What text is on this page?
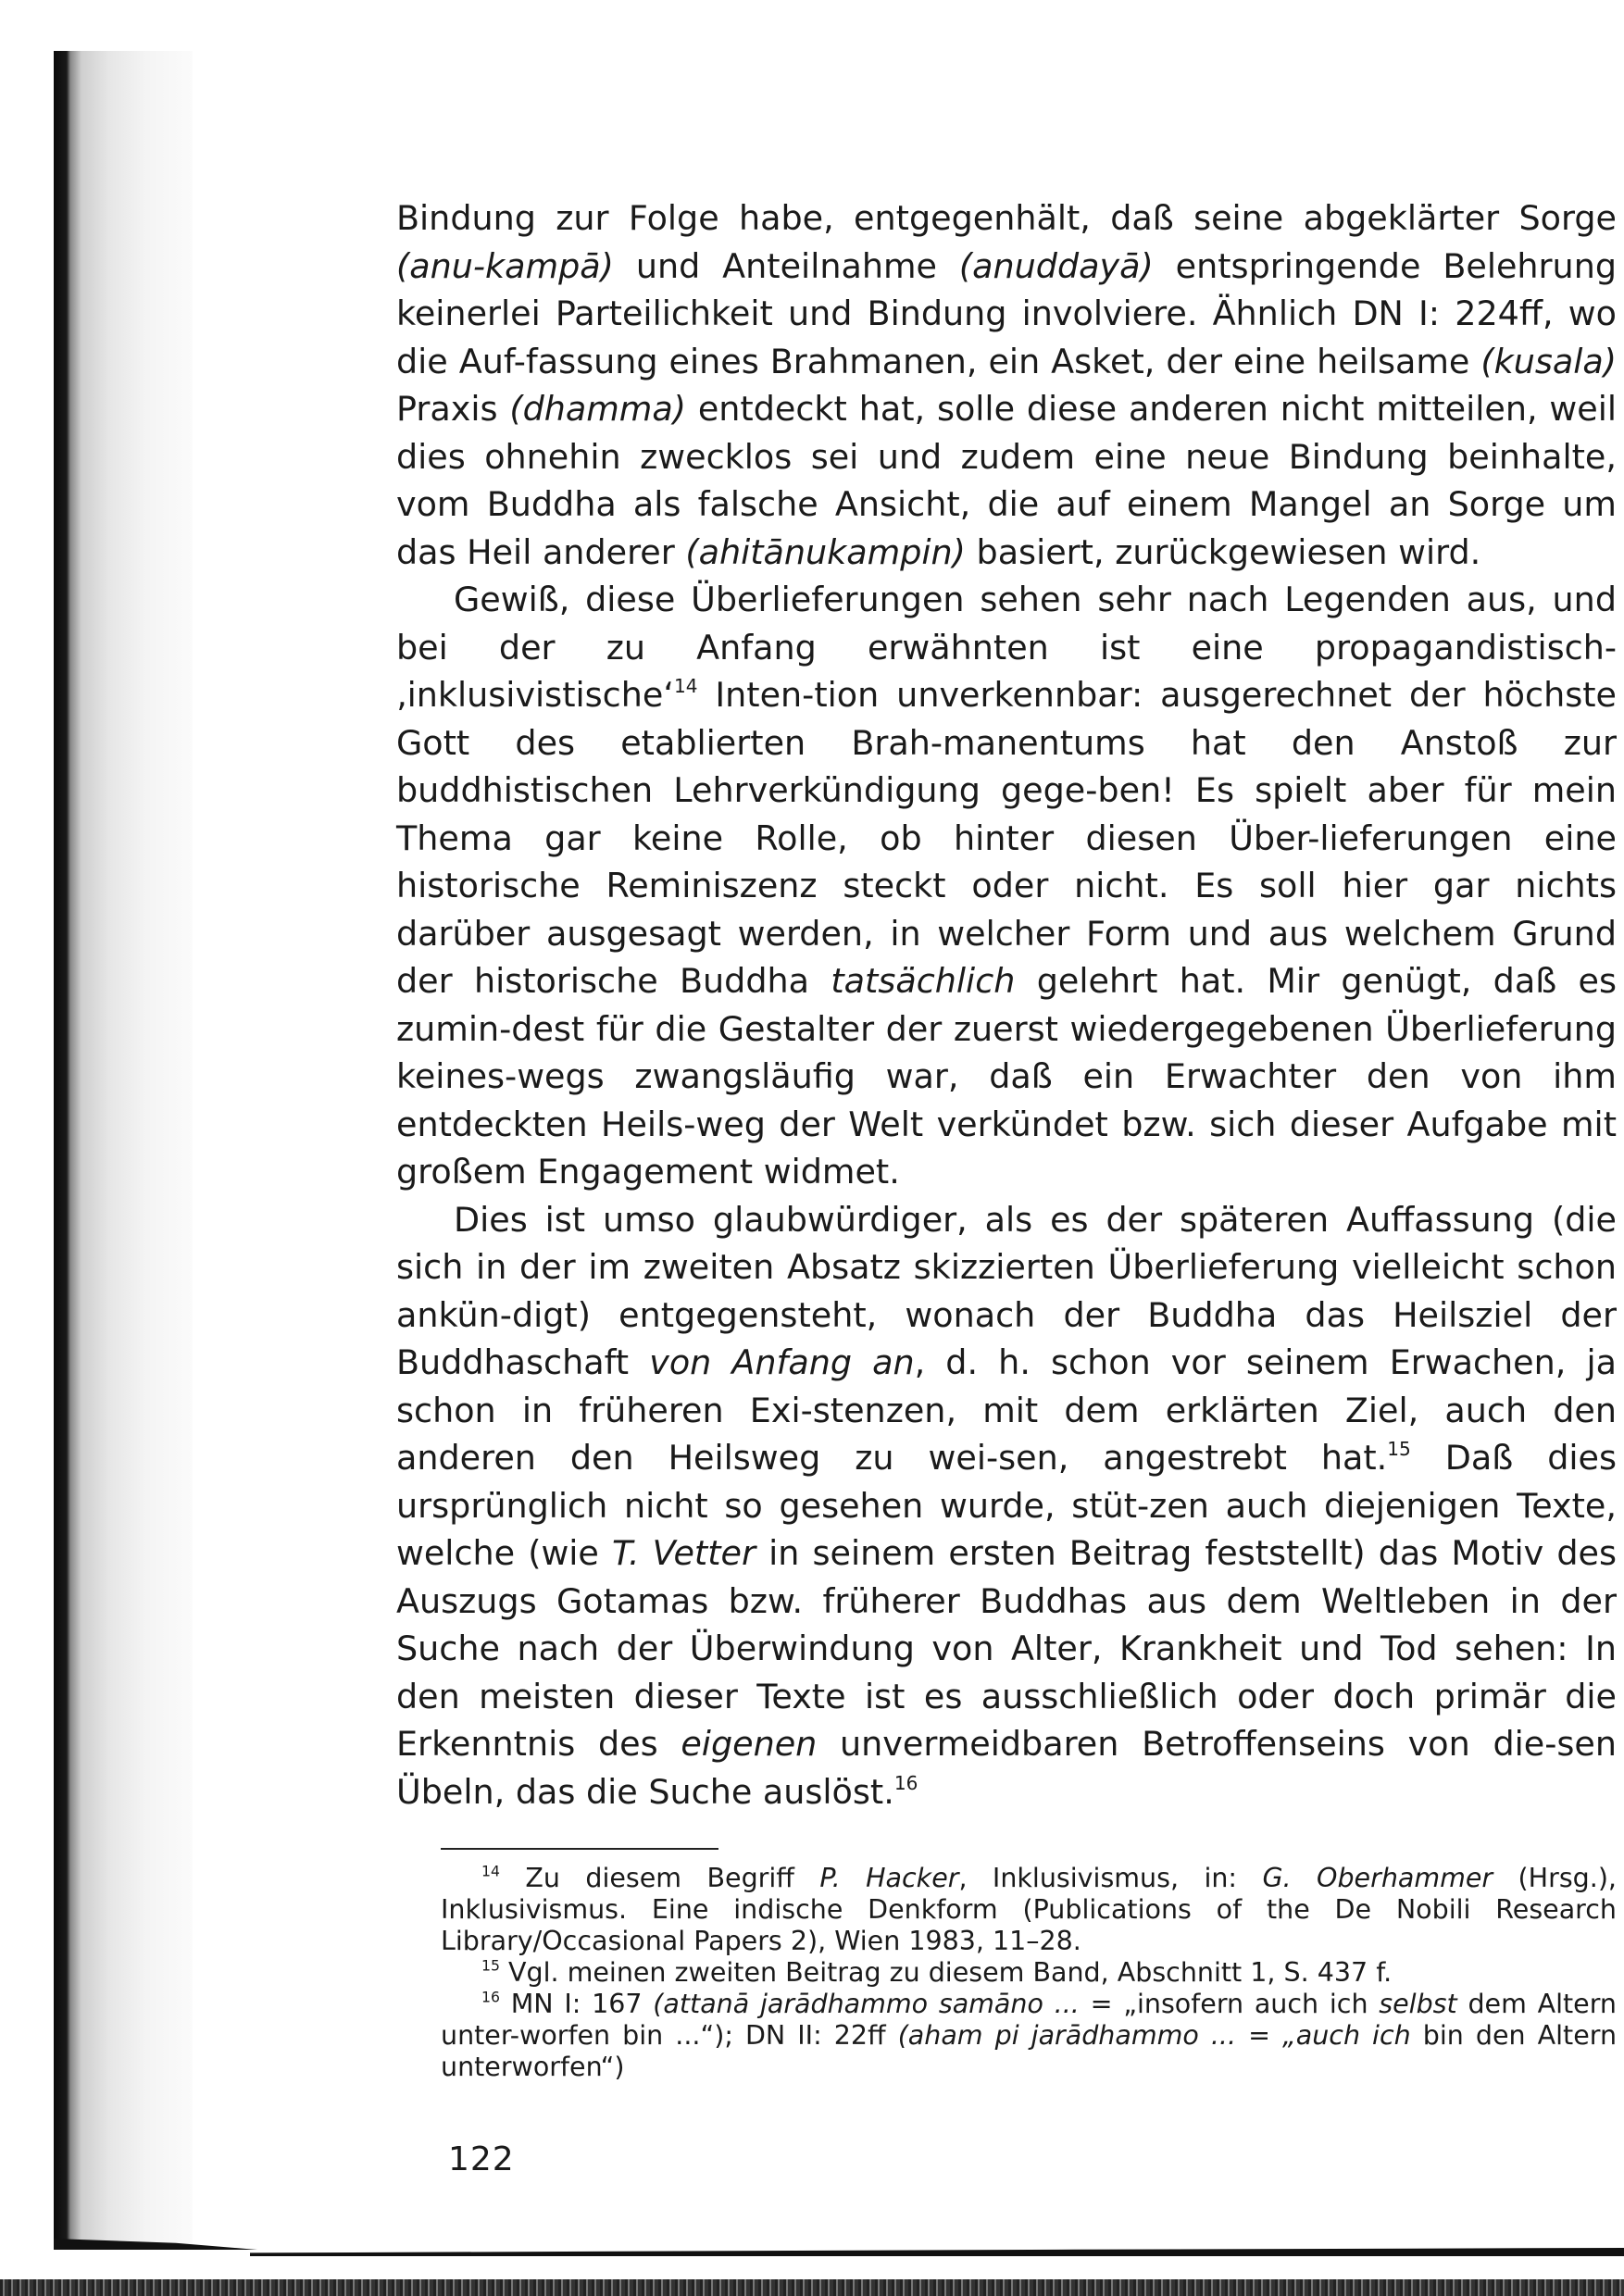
Bindung zur Folge habe, entgegenhält, daß seine abgeklärter Sorge (anu-kampā) und Anteilnahme (anuddayā) entspringende Belehrung keinerlei Parteilichkeit und Bindung involviere. Ähnlich DN I: 224ff, wo die Auf-fassung eines Brahmanen, ein Asket, der eine heilsame (kusala) Praxis (dhamma) entdeckt hat, solle diese anderen nicht mitteilen, weil dies ohnehin zwecklos sei und zudem eine neue Bindung beinhalte, vom Buddha als falsche Ansicht, die auf einem Mangel an Sorge um das Heil anderer (ahitānukampin) basiert, zurückgewiesen wird.

Gewiß, diese Überlieferungen sehen sehr nach Legenden aus, und bei der zu Anfang erwähnten ist eine propagandistisch-‚inklusivistische‘$^{14}$ Inten-tion unverkennbar: ausgerechnet der höchste Gott des etablierten Brah-manentums hat den Anstoß zur buddhistischen Lehrverkündigung gege-ben! Es spielt aber für mein Thema gar keine Rolle, ob hinter diesen Über-lieferungen eine historische Reminiszenz steckt oder nicht. Es soll hier gar nichts darüber ausgesagt werden, in welcher Form und aus welchem Grund der historische Buddha tatsächlich gelehrt hat. Mir genügt, daß es zumin-dest für die Gestalter der zuerst wiedergegebenen Überlieferung keines-wegs zwangsläufig war, daß ein Erwachter den von ihm entdeckten Heils-weg der Welt verkündet bzw. sich dieser Aufgabe mit großem Engagement widmet.

Dies ist umso glaubwürdiger, als es der späteren Auffassung (die sich in der im zweiten Absatz skizzierten Überlieferung vielleicht schon ankün-digt) entgegensteht, wonach der Buddha das Heilsziel der Buddhaschaft von Anfang an, d. h. schon vor seinem Erwachen, ja schon in früheren Exi-stenzen, mit dem erklärten Ziel, auch den anderen den Heilsweg zu wei-sen, angestrebt hat.$^{15}$ Daß dies ursprünglich nicht so gesehen wurde, stüt-zen auch diejenigen Texte, welche (wie T. Vetter in seinem ersten Beitrag feststellt) das Motiv des Auszugs Gotamas bzw. früherer Buddhas aus dem Weltleben in der Suche nach der Überwindung von Alter, Krankheit und Tod sehen: In den meisten dieser Texte ist es ausschließlich oder doch primär die Erkenntnis des eigenen unvermeidbaren Betroffenseins von die-sen Übeln, das die Suche auslöst.$^{16}$

$^{14}$ Zu diesem Begriff P. Hacker, Inklusivismus, in: G. Oberhammer (Hrsg.), Inklusivismus. Eine indische Denkform (Publications of the De Nobili Research Library/Occasional Papers 2), Wien 1983, 11–28.

$^{15}$ Vgl. meinen zweiten Beitrag zu diesem Band, Abschnitt 1, S. 437 f.

$^{16}$ MN I: 167 (attanā jarādhammo samāno ... = „insofern auch ich selbst dem Altern unter-worfen bin ...“); DN II: 22ff (aham pi jarādhammo ... = „auch ich bin den Altern unterworfen“)

122
